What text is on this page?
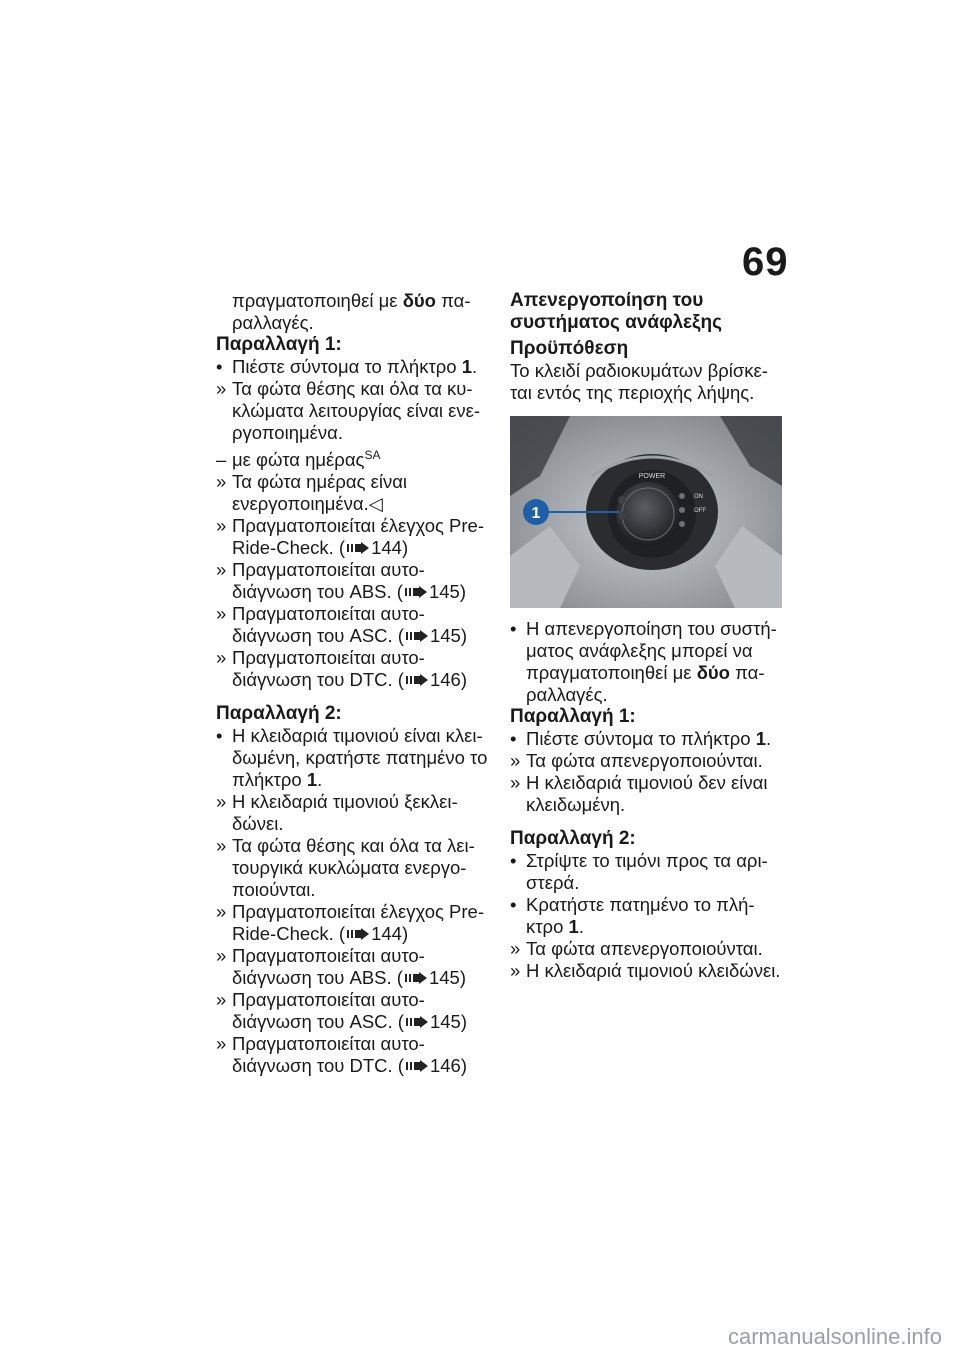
69
πραγματοποιηθεί με δύο πα-
ραλλαγές.
Παραλλαγή 1:
• Πιέστε σύντομα το πλήκτρο 1.
» Τα φώτα θέσης και όλα τα κυ-
κλώματα λειτουργίας είναι ενε-
ργοποιημένα.
– με φώτα ημέρας$^{SA}$
» Τα φώτα ημέρας είναι
ενεργοποιημένα.◁
» Πραγματοποιείται έλεγχος Pre-
Ride-Check. ( 144)
» Πραγματοποιείται αυτο-
διάγνωση του ABS. ( 145)
» Πραγματοποιείται αυτο-
διάγνωση του ASC. ( 145)
» Πραγματοποιείται αυτο-
διάγνωση του DTC. ( 146)
Παραλλαγή 2:
• Η κλειδαριά τιμονιού είναι κλει-
δωμένη, κρατήστε πατημένο το
πλήκτρο 1.
» Η κλειδαριά τιμονιού ξεκλει-
δώνει.
» Τα φώτα θέσης και όλα τα λει-
τουργικά κυκλώματα ενεργο-
ποιούνται.
» Πραγματοποιείται έλεγχος Pre-
Ride-Check. ( 144)
» Πραγματοποιείται αυτο-
διάγνωση του ABS. ( 145)
» Πραγματοποιείται αυτο-
διάγνωση του ASC. ( 145)
» Πραγματοποιείται αυτο-
διάγνωση του DTC. ( 146)
Απενεργοποίηση του
συστήματος ανάφλεξης
Προϋπόθεση
Το κλειδί ραδιοκυμάτων βρίσκε-
ται εντός της περιοχής λήψης.
POWER
ON
OFF
1
• Η απενεργοποίηση του συστή-
ματος ανάφλεξης μπορεί να
πραγματοποιηθεί με δύο πα-
ραλλαγές.
Παραλλαγή 1:
• Πιέστε σύντομα το πλήκτρο 1.
» Τα φώτα απενεργοποιούνται.
» Η κλειδαριά τιμονιού δεν είναι
κλειδωμένη.
Παραλλαγή 2:
• Στρίψτε το τιμόνι προς τα αρι-
στερά.
• Κρατήστε πατημένο το πλή-
κτρο 1.
» Τα φώτα απενεργοποιούνται.
» Η κλειδαριά τιμονιού κλειδώνει.
carmanualsonline.info
